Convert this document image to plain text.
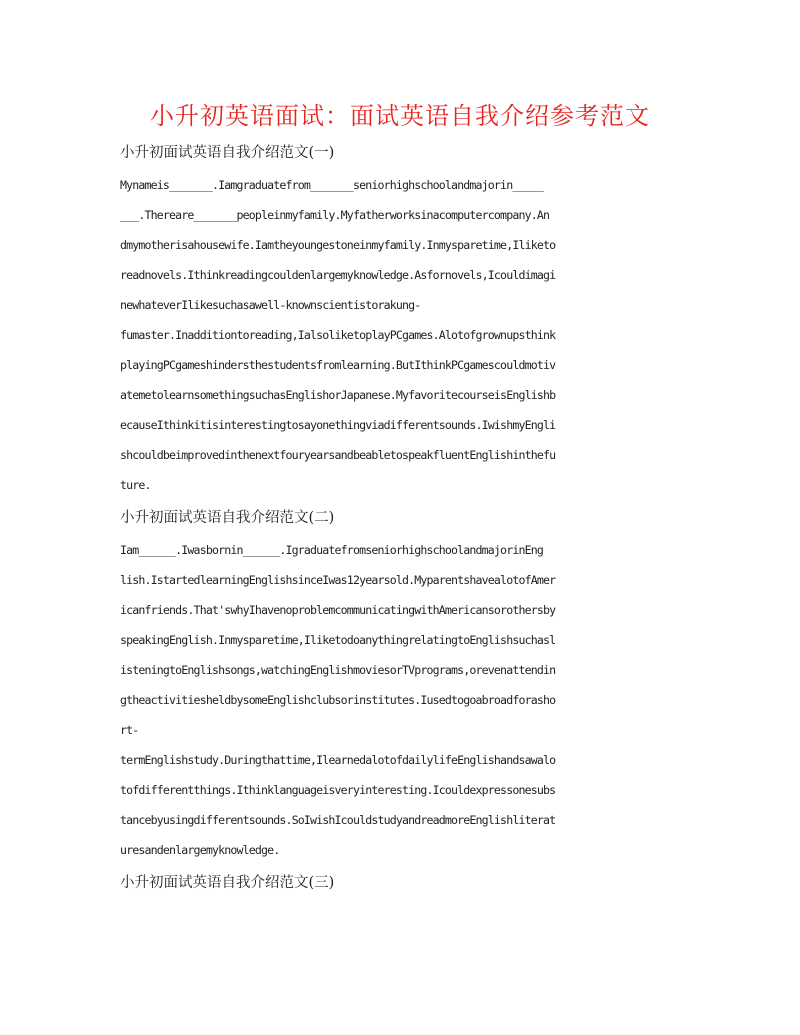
小升初英语面试：面试英语自我介绍参考范文
小升初面试英语自我介绍范文(一)
Mynameis_______.Iamgraduatefrom_______seniorhighschoolandmajorin_____
___.Thereare_______peopleinmyfamily.Myfatherworksinacomputercompany.An
dmymotherisahousewife.Iamtheyoungestoneinmyfamily.Inmysparetime,Iliketo
readnovels.Ithinkreadingcouldenlargemyknowledge.Asfornovels,Icouldimagi
newhateverIlikesuchasawell-knownscientistorakung-
fumaster.Inadditiontoreading,IalsoliketoplayPCgames.Alotofgrownupsthink
playingPCgameshindersthestudentsfromlearning.ButIthinkPCgamescouldmotiv
atemetolearnsomethingsuchasEnglishorJapanese.MyfavoritecourseisEnglishb
ecauseIthinkitisinterestingtosayonethingviadifferentsounds.IwishmyEngli
shcouldbeimprovedinthenextfouryearsandbeabletospeakfluentEnglishinthefu
ture.
小升初面试英语自我介绍范文(二)
Iam______.Iwasbornin______.IgraduatefromseniorhighschoolandmajorinEng
lish.IstartedlearningEnglishsinceIwas12yearsold.MyparentshavealotofAmer
icanfriends.That'swhyIhavenoproblemcommunicatingwithAmericansorothersby
speakingEnglish.Inmysparetime,IliketodoanythingrelatingtoEnglishsuchasl
isteningtoEnglishsongs,watchingEnglishmoviesorTVprograms,orevenattendin
gtheactivitiesheldbysomeEnglishclubsorinstitutes.Iusedtogoabroadforasho
rt-
termEnglishstudy.Duringthattime,IlearnedalotofdailylifeEnglishandsawalo
tofdifferentthings.Ithinklanguageisveryinteresting.Icouldexpressonesubs
tancebyusingdifferentsounds.SoIwishIcouldstudyandreadmoreEnglishliterat
uresandenlargemyknowledge.
小升初面试英语自我介绍范文(三)
